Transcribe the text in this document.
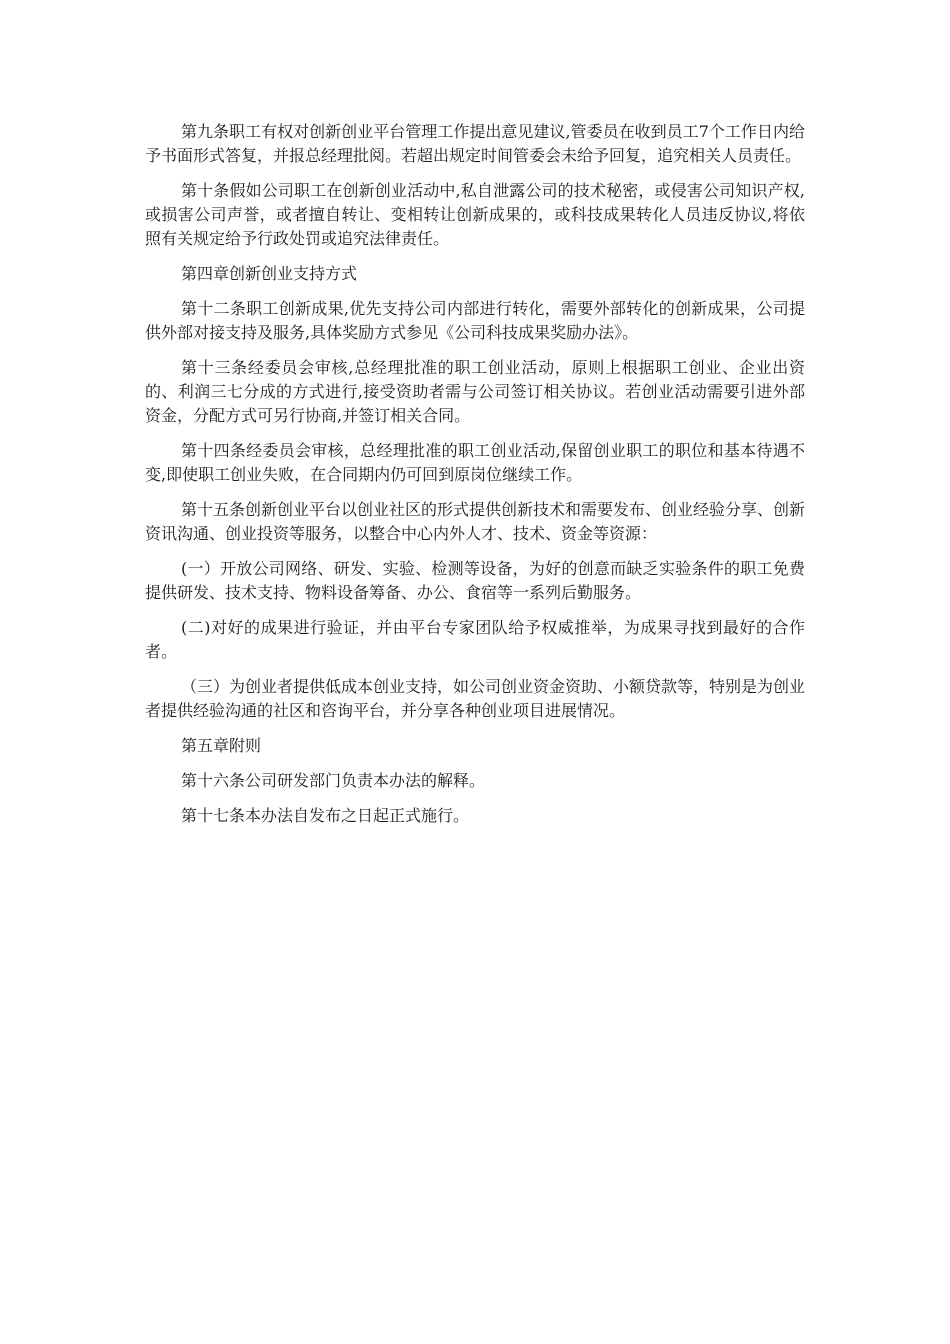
第九条职工有权对创新创业平台管理工作提出意见建议,管委员在收到员工7个工作日内给予书面形式答复，并报总经理批阅。若超出规定时间管委会未给予回复，追究相关人员责任。

第十条假如公司职工在创新创业活动中,私自泄露公司的技术秘密，或侵害公司知识产权,或损害公司声誉，或者擅自转让、变相转让创新成果的，或科技成果转化人员违反协议,将依照有关规定给予行政处罚或追究法律责任。

第四章创新创业支持方式

第十二条职工创新成果,优先支持公司内部进行转化，需要外部转化的创新成果，公司提供外部对接支持及服务,具体奖励方式参见《公司科技成果奖励办法》。

第十三条经委员会审核,总经理批准的职工创业活动，原则上根据职工创业、企业出资的、利润三七分成的方式进行,接受资助者需与公司签订相关协议。若创业活动需要引进外部资金，分配方式可另行协商,并签订相关合同。

第十四条经委员会审核，总经理批准的职工创业活动,保留创业职工的职位和基本待遇不变,即使职工创业失败，在合同期内仍可回到原岗位继续工作。

第十五条创新创业平台以创业社区的形式提供创新技术和需要发布、创业经验分享、创新资讯沟通、创业投资等服务，以整合中心内外人才、技术、资金等资源：

(一）开放公司网络、研发、实验、检测等设备，为好的创意而缺乏实验条件的职工免费提供研发、技术支持、物料设备筹备、办公、食宿等一系列后勤服务。

(二)对好的成果进行验证，并由平台专家团队给予权威推举，为成果寻找到最好的合作者。

（三）为创业者提供低成本创业支持，如公司创业资金资助、小额贷款等，特别是为创业者提供经验沟通的社区和咨询平台，并分享各种创业项目进展情况。

第五章附则

第十六条公司研发部门负责本办法的解释。

第十七条本办法自发布之日起正式施行。
